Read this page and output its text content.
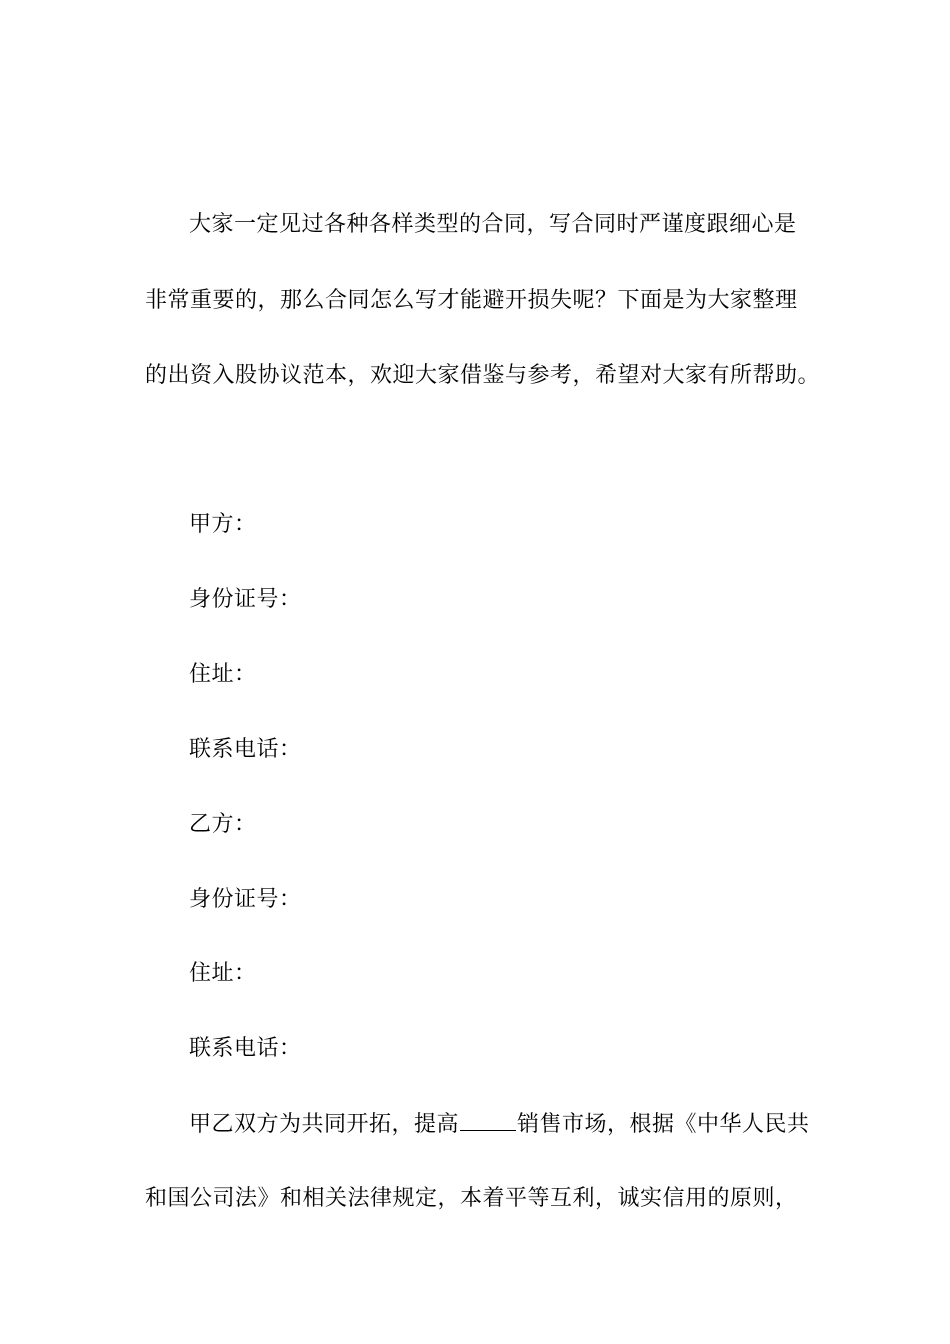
大家一定见过各种各样类型的合同，写合同时严谨度跟细心是
非常重要的，那么合同怎么写才能避开损失呢？下面是为大家整理
的出资入股协议范本，欢迎大家借鉴与参考，希望对大家有所帮助。
甲方：
身份证号：
住址：
联系电话：
乙方：
身份证号：
住址：
联系电话：
甲乙双方为共同开拓，提高	销售市场，根据《中华人民共
和国公司法》和相关法律规定，本着平等互利，诚实信用的原则，
